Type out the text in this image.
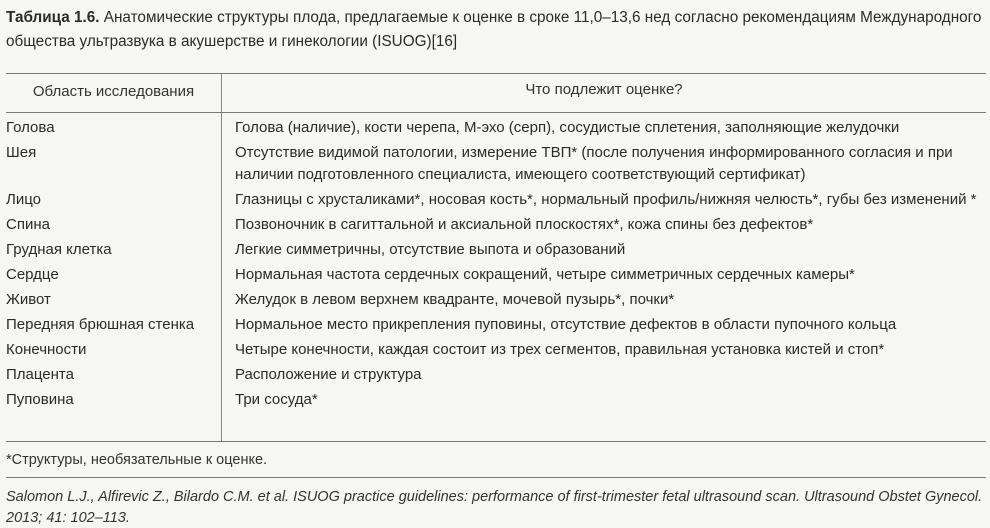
Таблица 1.6. Анатомические структуры плода, предлагаемые к оценке в сроке 11,0–13,6 нед согласно рекомендациям Международного общества ультразвука в акушерстве и гинекологии (ISUOG)[16]
Область исследования	Что подлежит оценке?
Голова	Голова (наличие), кости черепа, М-эхо (серп), сосудистые сплетения, заполняющие желудочки
Шея	Отсутствие видимой патологии, измерение ТВП* (после получения информированного согласия и при наличии подготовленного специалиста, имеющего соответствующий сертификат)
Лицо	Глазницы с хрусталиками*, носовая кость*, нормальный профиль/нижняя челюсть*, губы без изменений *
Спина	Позвоночник в сагиттальной и аксиальной плоскостях*, кожа спины без дефектов*
Грудная клетка	Легкие симметричны, отсутствие выпота и образований
Сердце	Нормальная частота сердечных сокращений, четыре симметричных сердечных камеры*
Живот	Желудок в левом верхнем квадранте, мочевой пузырь*, почки*
Передняя брюшная стенка	Нормальное место прикрепления пуповины, отсутствие дефектов в области пупочного кольца
Конечности	Четыре конечности, каждая состоит из трех сегментов, правильная установка кистей и стоп*
Плацента	Расположение и структура
Пуповина	Три сосуда*
*Структуры, необязательные к оценке.
Salomon L.J., Alfirevic Z., Bilardo C.M. et al. ISUOG practice guidelines: performance of first-trimester fetal ultrasound scan. Ultrasound Obstet Gynecol. 2013; 41: 102–113.
